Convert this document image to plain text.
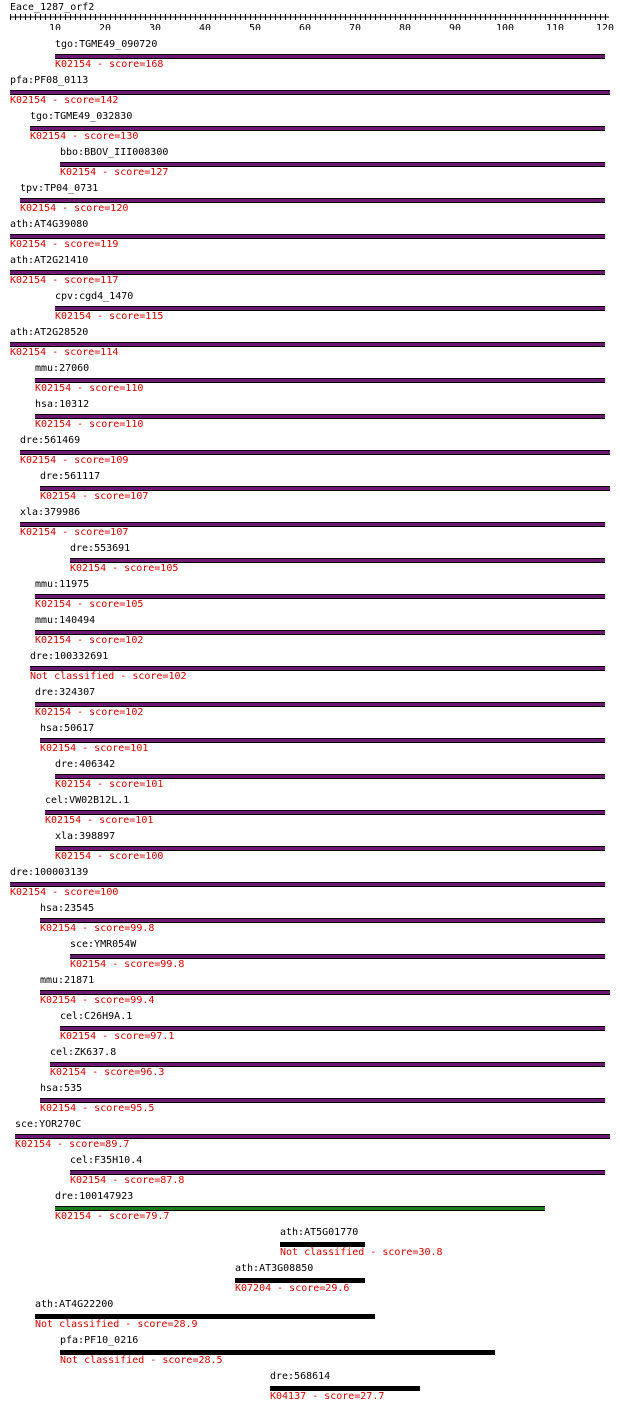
Eace_1287_orf2
10	20	30	40	50	60	70	80	90	100	110	120
tgo:TGME49_090720
K02154 - score=168
pfa:PF08_0113
K02154 - score=142
tgo:TGME49_032830
K02154 - score=130
bbo:BBOV_III008300
K02154 - score=127
tpv:TP04_0731
K02154 - score=120
ath:AT4G39080
K02154 - score=119
ath:AT2G21410
K02154 - score=117
cpv:cgd4_1470
K02154 - score=115
ath:AT2G28520
K02154 - score=114
mmu:27060
K02154 - score=110
hsa:10312
K02154 - score=110
dre:561469
K02154 - score=109
dre:561117
K02154 - score=107
xla:379986
K02154 - score=107
dre:553691
K02154 - score=105
mmu:11975
K02154 - score=105
mmu:140494
K02154 - score=102
dre:100332691
Not classified - score=102
dre:324307
K02154 - score=102
hsa:50617
K02154 - score=101
dre:406342
K02154 - score=101
cel:VW02B12L.1
K02154 - score=101
xla:398897
K02154 - score=100
dre:100003139
K02154 - score=100
hsa:23545
K02154 - score=99.8
sce:YMR054W
K02154 - score=99.8
mmu:21871
K02154 - score=99.4
cel:C26H9A.1
K02154 - score=97.1
cel:ZK637.8
K02154 - score=96.3
hsa:535
K02154 - score=95.5
sce:YOR270C
K02154 - score=89.7
cel:F35H10.4
K02154 - score=87.8
dre:100147923
K02154 - score=79.7
ath:AT5G01770
Not classified - score=30.8
ath:AT3G08850
K07204 - score=29.6
ath:AT4G22200
Not classified - score=28.9
pfa:PF10_0216
Not classified - score=28.5
dre:568614
K04137 - score=27.7
